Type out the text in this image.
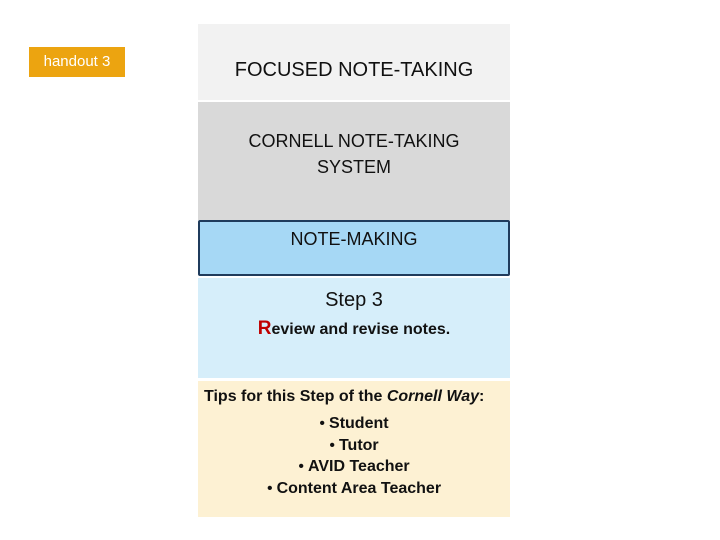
handout 3	FOCUSED NOTE-TAKING
CORNELL NOTE-TAKING
SYSTEM
NOTE-MAKING
Step 3
Review and revise notes.
Tips for this Step of the Cornell Way:
• Student
• Tutor
• AVID Teacher
• Content Area Teacher
